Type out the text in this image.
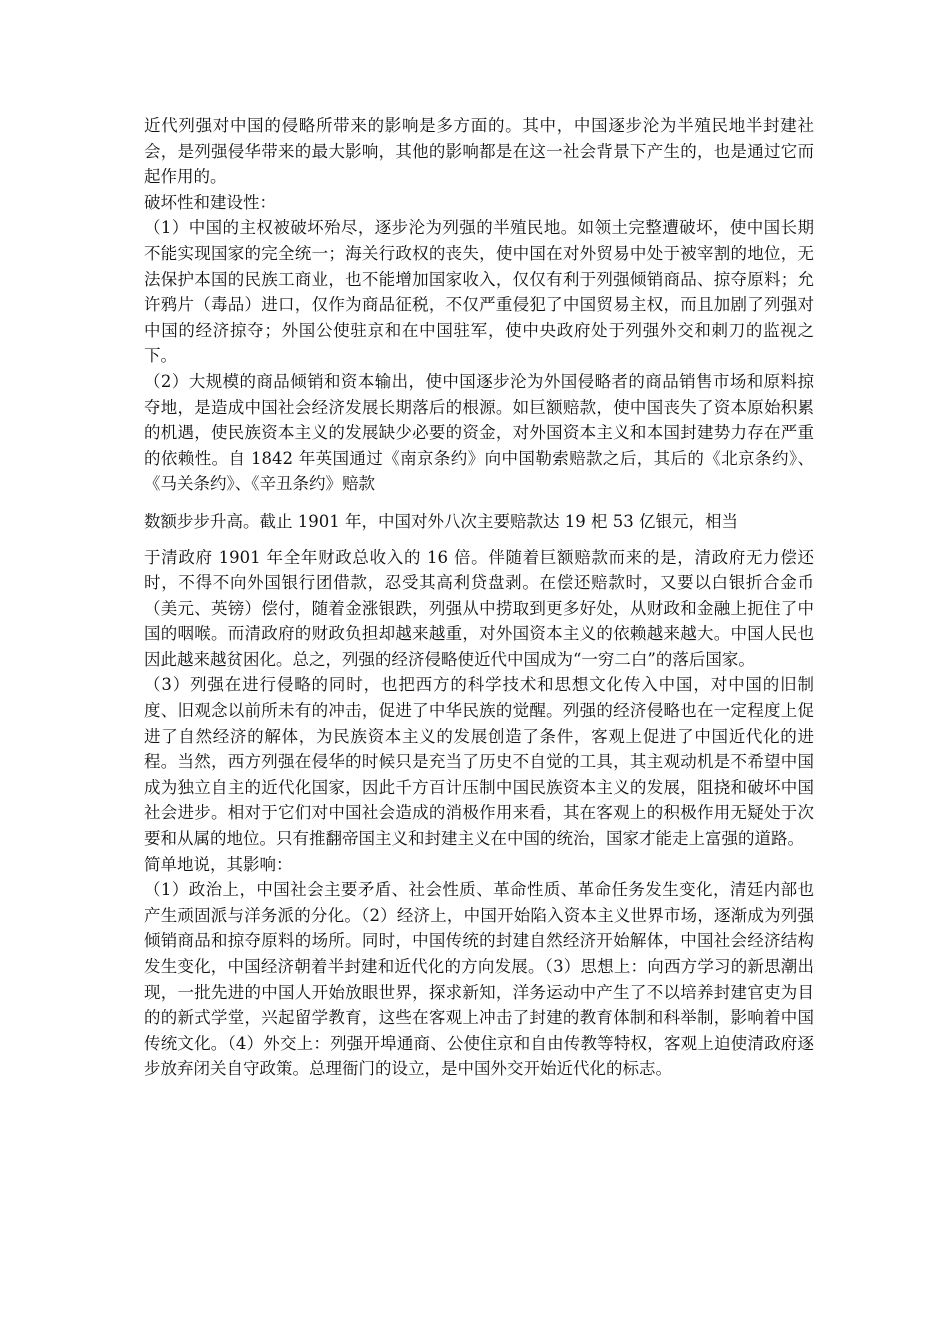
近代列强对中国的侵略所带来的影响是多方面的。其中，中国逐步沦为半殖民地半封建社会，是列强侵华带来的最大影响，其他的影响都是在这一社会背景下产生的，也是通过它而起作用的。

破坏性和建设性：

（1）中国的主权被破坏殆尽，逐步沦为列强的半殖民地。如领土完整遭破坏，使中国长期不能实现国家的完全统一；海关行政权的丧失，使中国在对外贸易中处于被宰割的地位，无法保护本国的民族工商业，也不能增加国家收入，仅仅有利于列强倾销商品、掠夺原料；允许鸦片（毒品）进口，仅作为商品征税，不仅严重侵犯了中国贸易主权，而且加剧了列强对中国的经济掠夺；外国公使驻京和在中国驻军，使中央政府处于列强外交和刺刀的监视之下。

（2）大规模的商品倾销和资本输出，使中国逐步沦为外国侵略者的商品销售市场和原料掠夺地，是造成中国社会经济发展长期落后的根源。如巨额赔款，使中国丧失了资本原始积累的机遇，使民族资本主义的发展缺少必要的资金，对外国资本主义和本国封建势力存在严重的依赖性。自 1842 年英国通过《南京条约》向中国勒索赔款之后，其后的《北京条约》、《马关条约》、《辛丑条约》赔款

数额步步升高。截止 1901 年，中国对外八次主要赔款达 19 𣏌 53 亿银元，相当

于清政府 1901 年全年财政总收入的 16 倍。伴随着巨额赔款而来的是，清政府无力偿还时，不得不向外国银行团借款，忍受其高利贷盘剥。在偿还赔款时，又要以白银折合金币（美元、英镑）偿付，随着金涨银跌，列强从中捞取到更多好处，从财政和金融上扼住了中国的咽喉。而清政府的财政负担却越来越重，对外国资本主义的依赖越来越大。中国人民也因此越来越贫困化。总之，列强的经济侵略使近代中国成为“一穷二白”的落后国家。

（3）列强在进行侵略的同时，也把西方的科学技术和思想文化传入中国，对中国的旧制度、旧观念以前所未有的冲击，促进了中华民族的觉醒。列强的经济侵略也在一定程度上促进了自然经济的解体，为民族资本主义的发展创造了条件，客观上促进了中国近代化的进程。当然，西方列强在侵华的时候只是充当了历史不自觉的工具，其主观动机是不希望中国成为独立自主的近代化国家，因此千方百计压制中国民族资本主义的发展，阻挠和破坏中国社会进步。相对于它们对中国社会造成的消极作用来看，其在客观上的积极作用无疑处于次要和从属的地位。只有推翻帝国主义和封建主义在中国的统治，国家才能走上富强的道路。

简单地说，其影响：

（1）政治上，中国社会主要矛盾、社会性质、革命性质、革命任务发生变化，清廷内部也产生顽固派与洋务派的分化。（2）经济上，中国开始陷入资本主义世界市场，逐渐成为列强倾销商品和掠夺原料的场所。同时，中国传统的封建自然经济开始解体，中国社会经济结构发生变化，中国经济朝着半封建和近代化的方向发展。（3）思想上：向西方学习的新思潮出现，一批先进的中国人开始放眼世界，探求新知，洋务运动中产生了不以培养封建官吏为目的的新式学堂，兴起留学教育，这些在客观上冲击了封建的教育体制和科举制，影响着中国传统文化。（4）外交上：列强开埠通商、公使住京和自由传教等特权，客观上迫使清政府逐步放弃闭关自守政策。总理衙门的设立，是中国外交开始近代化的标志。
